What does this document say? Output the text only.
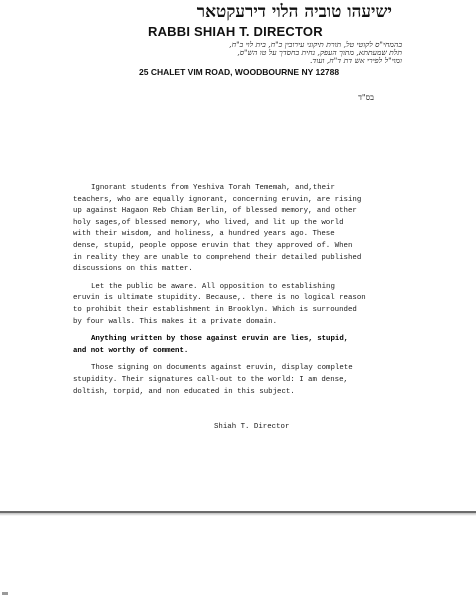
ישיעהו טוביה הלוי דירעקטאר
RABBI SHIAH T. DIRECTOR
בהמחי"ס לקוטי טל, תורת תיקוני עירובין כ"ח, בית לוי ב"ח,
תלת שמעתתא, מתוך העפק, נחית בחסדך על טו הש"ס,
ומוי"ל לפירי אש דת ד"ח, ועוד.
25 CHALET VIM ROAD, WOODBOURNE NY 12788
בס"ד
Ignorant students from Yeshiva Torah Tememah, and,their
teachers, who are equally ignorant, concerning eruvin, are rising
up against Hagaon Reb Chiam Berlin, of blessed memory, and other
holy sages,of blessed memory, who lived, and lit up the world
with their wisdom, and holiness, a hundred years ago. These
dense, stupid, people oppose eruvin that they approved of. When
in reality they are unable to comprehend their detailed published
discussions on this matter.
Let the public be aware. All opposition to establishing
eruvin is ultimate stupidity. Because,. there is no logical reason
to prohibit their establishment in Brooklyn. Which is surrounded
by four walls. This makes it a private domain.
Anything written by those against eruvin are lies, stupid,
and not worthy of comment.
Those signing on documents against eruvin, display complete
stupidity. Their signatures call-out to the world: I am dense,
doltish, torpid, and non educated in this subject.
Shiah T. Director
